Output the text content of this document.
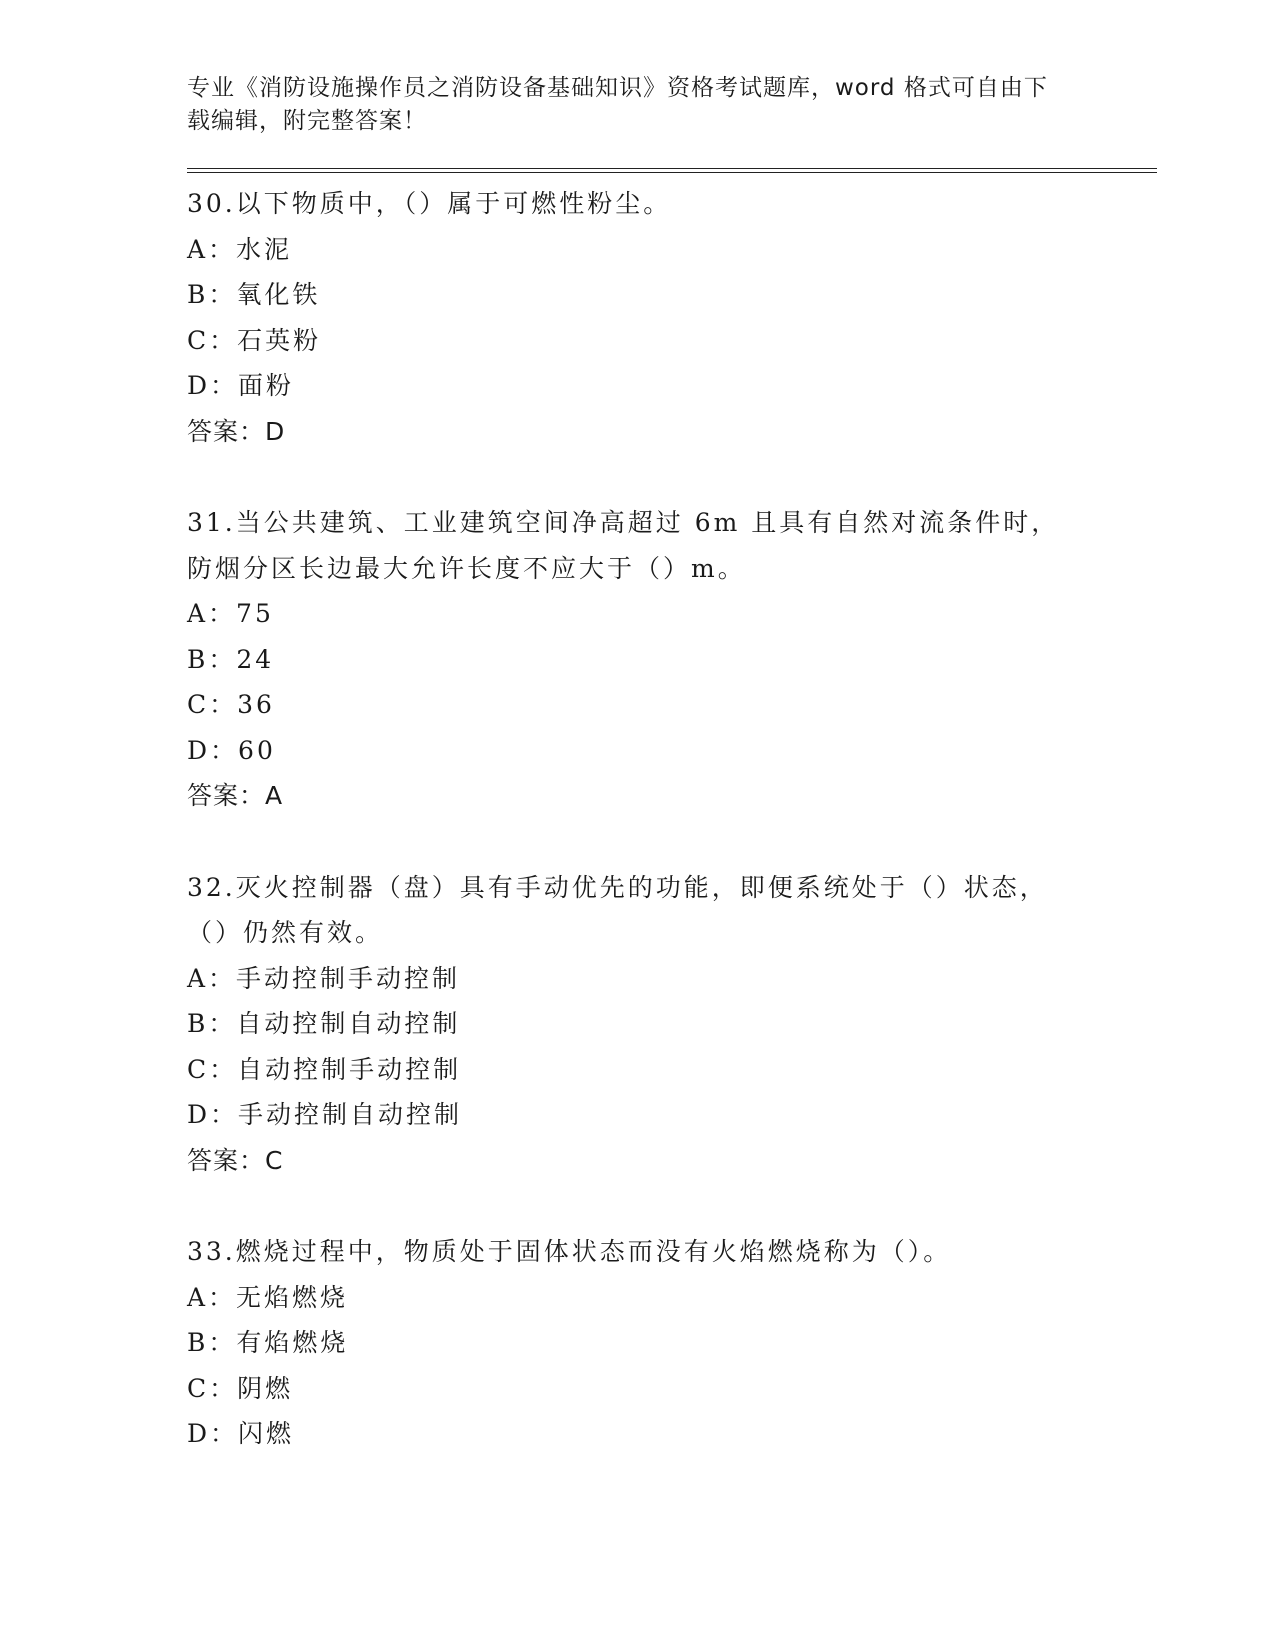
专业《消防设施操作员之消防设备基础知识》资格考试题库，word 格式可自由下载编辑，附完整答案！
30.以下物质中，（）属于可燃性粉尘。
A：水泥
B：氧化铁
C：石英粉
D：面粉
答案：D
31.当公共建筑、工业建筑空间净高超过 6m 且具有自然对流条件时，防烟分区长边最大允许长度不应大于（）m。
A：75
B：24
C：36
D：60
答案：A
32.灭火控制器（盘）具有手动优先的功能，即便系统处于（）状态，（）仍然有效。
A：手动控制手动控制
B：自动控制自动控制
C：自动控制手动控制
D：手动控制自动控制
答案：C
33.燃烧过程中，物质处于固体状态而没有火焰燃烧称为（）。
A：无焰燃烧
B：有焰燃烧
C：阴燃
D：闪燃
